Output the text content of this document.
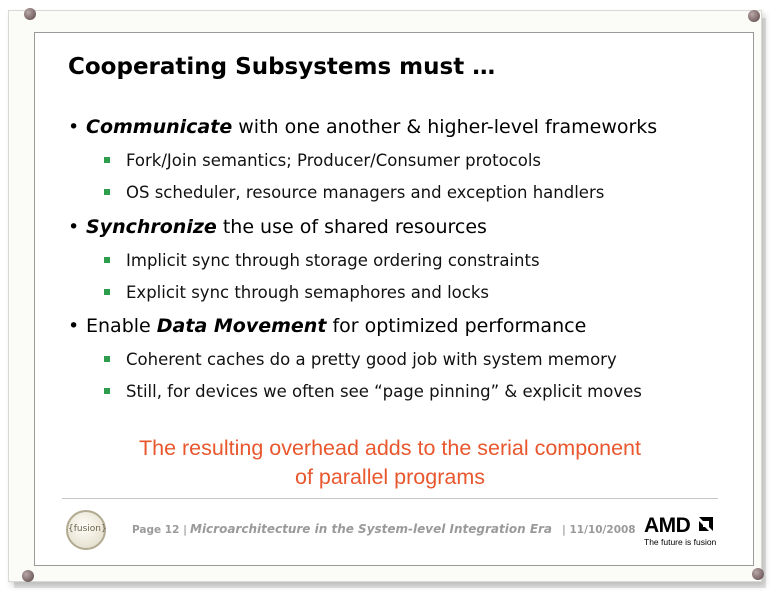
Cooperating Subsystems must …
• Communicate with one another & higher-level frameworks
Fork/Join semantics; Producer/Consumer protocols
OS scheduler, resource managers and exception handlers
• Synchronize the use of shared resources
Implicit sync through storage ordering constraints
Explicit sync through semaphores and locks
• Enable Data Movement for optimized performance
Coherent caches do a pretty good job with system memory
Still, for devices we often see “page pinning” & explicit moves
The resulting overhead adds to the serial component
of parallel programs
{fusion} Page 12 | Microarchitecture in the System-level Integration Era | 11/10/2008 AMD
The future is fusion
